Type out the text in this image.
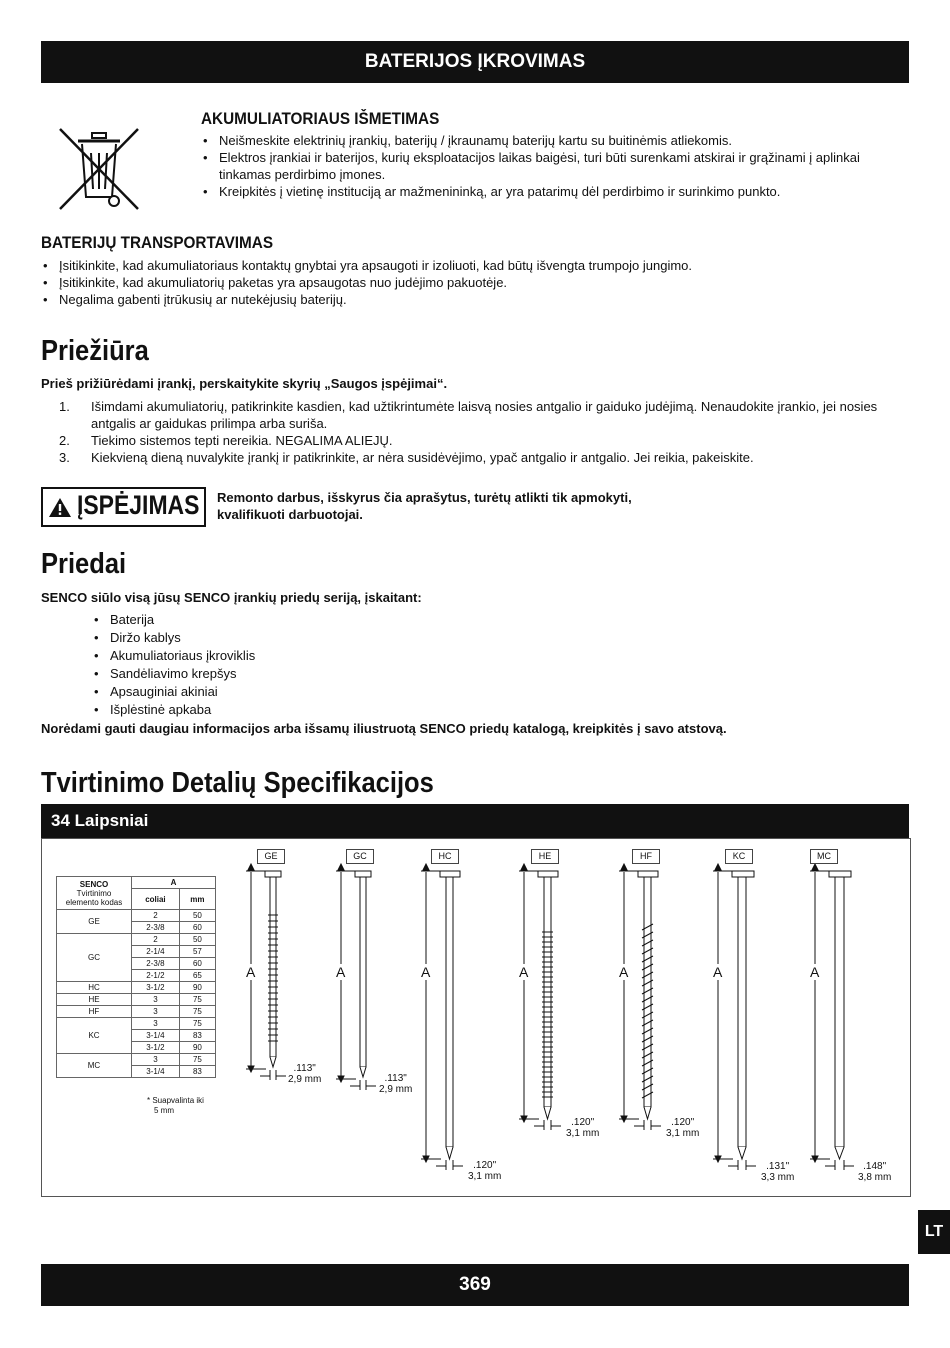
BATERIJOS ĮKROVIMAS
AKUMULIATORIAUS IŠMETIMAS
• Neišmeskite elektrinių įrankių, baterijų / įkraunamų baterijų kartu su buitinėmis atliekomis.
• Elektros įrankiai ir baterijos, kurių eksploatacijos laikas baigėsi, turi būti surenkami atskirai ir grąžinami į aplinkai tinkamas perdirbimo įmones.
• Kreipkitės į vietinę instituciją ar mažmenininką, ar yra patarimų dėl perdirbimo ir surinkimo punkto.
BATERIJŲ TRANSPORTAVIMAS
• Įsitikinkite, kad akumuliatoriaus kontaktų gnybtai yra apsaugoti ir izoliuoti, kad būtų išvengta trumpojo jungimo.
• Įsitikinkite, kad akumuliatorių paketas yra apsaugotas nuo judėjimo pakuotėje.
• Negalima gabenti įtrūkusių ar nutekėjusių baterijų.
Priežiūra
Prieš prižiūrėdami įrankį, perskaitykite skyrių „Saugos įspėjimai“.
1. Išimdami akumuliatorių, patikrinkite kasdien, kad užtikrintumėte laisvą nosies antgalio ir gaiduko judėjimą. Nenaudokite įrankio, jei nosies antgalis ar gaidukas prilimpa arba suriša.
2. Tiekimo sistemos tepti nereikia. NEGALIMA ALIEJŲ.
3. Kiekvieną dieną nuvalykite įrankį ir patikrinkite, ar nėra susidėvėjimo, ypač antgalio ir antgalio. Jei reikia, pakeiskite.
ĮSPĖJIMAS Remonto darbus, išskyrus čia aprašytus, turėtų atlikti tik apmokyti,
kvalifikuoti darbuotojai.
Priedai
SENCO siūlo visą jūsų SENCO įrankių priedų seriją, įskaitant:
• Baterija
• Diržo kablys
• Akumuliatoriaus įkroviklis
• Sandėliavimo krepšys
• Apsauginiai akiniai
• Išplėstinė apkaba
Norėdami gauti daugiau informacijos arba išsamų iliustruotą SENCO priedų katalogą, kreipkitės į savo atstovą.
Tvirtinimo Detalių Specifikacijos
34 Laipsniai
SENCO
Tvirtinimo
elemento kodas	A	
	coliai	mm
GE	2	50
	2-3/8	60
GC	2	50
	2-1/4	57
	2-3/8	60
	2-1/2	65
HC	3-1/2	90
HE	3	75
HF	3	75
KC	3	75
	3-1/4	83
	3-1/2	90
MC	3	75
	3-1/4	83
* Suapvalinta iki
5 mm
GE	GC	HC	HE	HF	KC	MC
A	A	A	A	A	A	A
.113"
2,9 mm	.113"
2,9 mm
.120"
3,1 mm
.120"
3,1 mm
.120"
3,1 mm
.131"
3,3 mm
.148"
3,8 mm
LT
369
